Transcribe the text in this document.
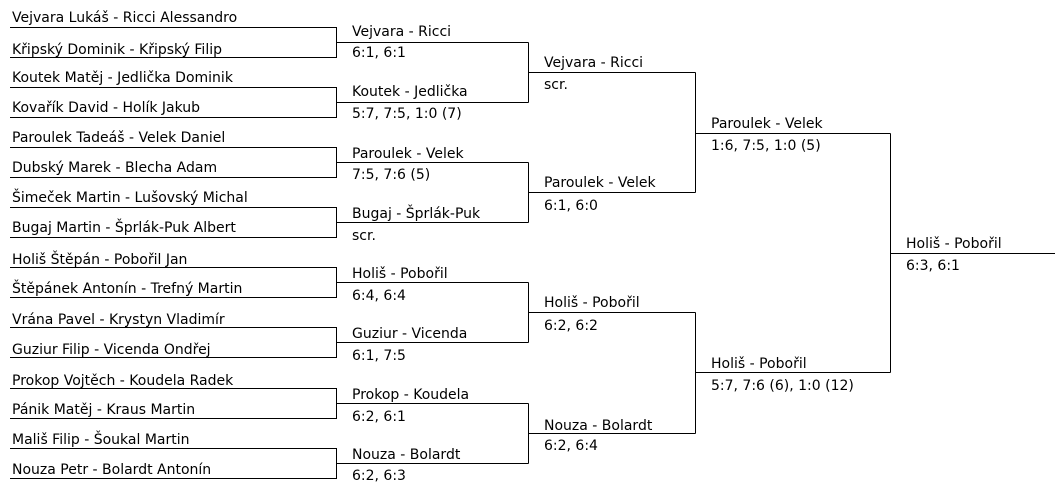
Vejvara Lukáš - Ricci Alessandro
Křipský Dominik - Křipský Filip
Koutek Matěj - Jedlička Dominik
Kovařík David - Holík Jakub
Paroulek Tadeáš - Velek Daniel
Dubský Marek - Blecha Adam
Šimeček Martin - Lušovský Michal
Bugaj Martin - Šprlák-Puk Albert
Holiš Štěpán - Pobořil Jan
Štěpánek Antonín - Trefný Martin
Vrána Pavel - Krystyn Vladimír
Guziur Filip - Vicenda Ondřej
Prokop Vojtěch - Koudela Radek
Pánik Matěj - Kraus Martin
Mališ Filip - Šoukal Martin
Nouza Petr - Bolardt Antonín
Vejvara - Ricci
6:1, 6:1
Koutek - Jedlička
5:7, 7:5, 1:0 (7)
Paroulek - Velek
7:5, 7:6 (5)
Bugaj - Šprlák-Puk
scr.
Holiš - Pobořil
6:4, 6:4
Guziur - Vicenda
6:1, 7:5
Prokop - Koudela
6:2, 6:1
Nouza - Bolardt
6:2, 6:3
Vejvara - Ricci
scr.
Paroulek - Velek
6:1, 6:0
Holiš - Pobořil
6:2, 6:2
Nouza - Bolardt
6:2, 6:4
Paroulek - Velek
1:6, 7:5, 1:0 (5)
Holiš - Pobořil
5:7, 7:6 (6), 1:0 (12)
Holiš - Pobořil
6:3, 6:1
